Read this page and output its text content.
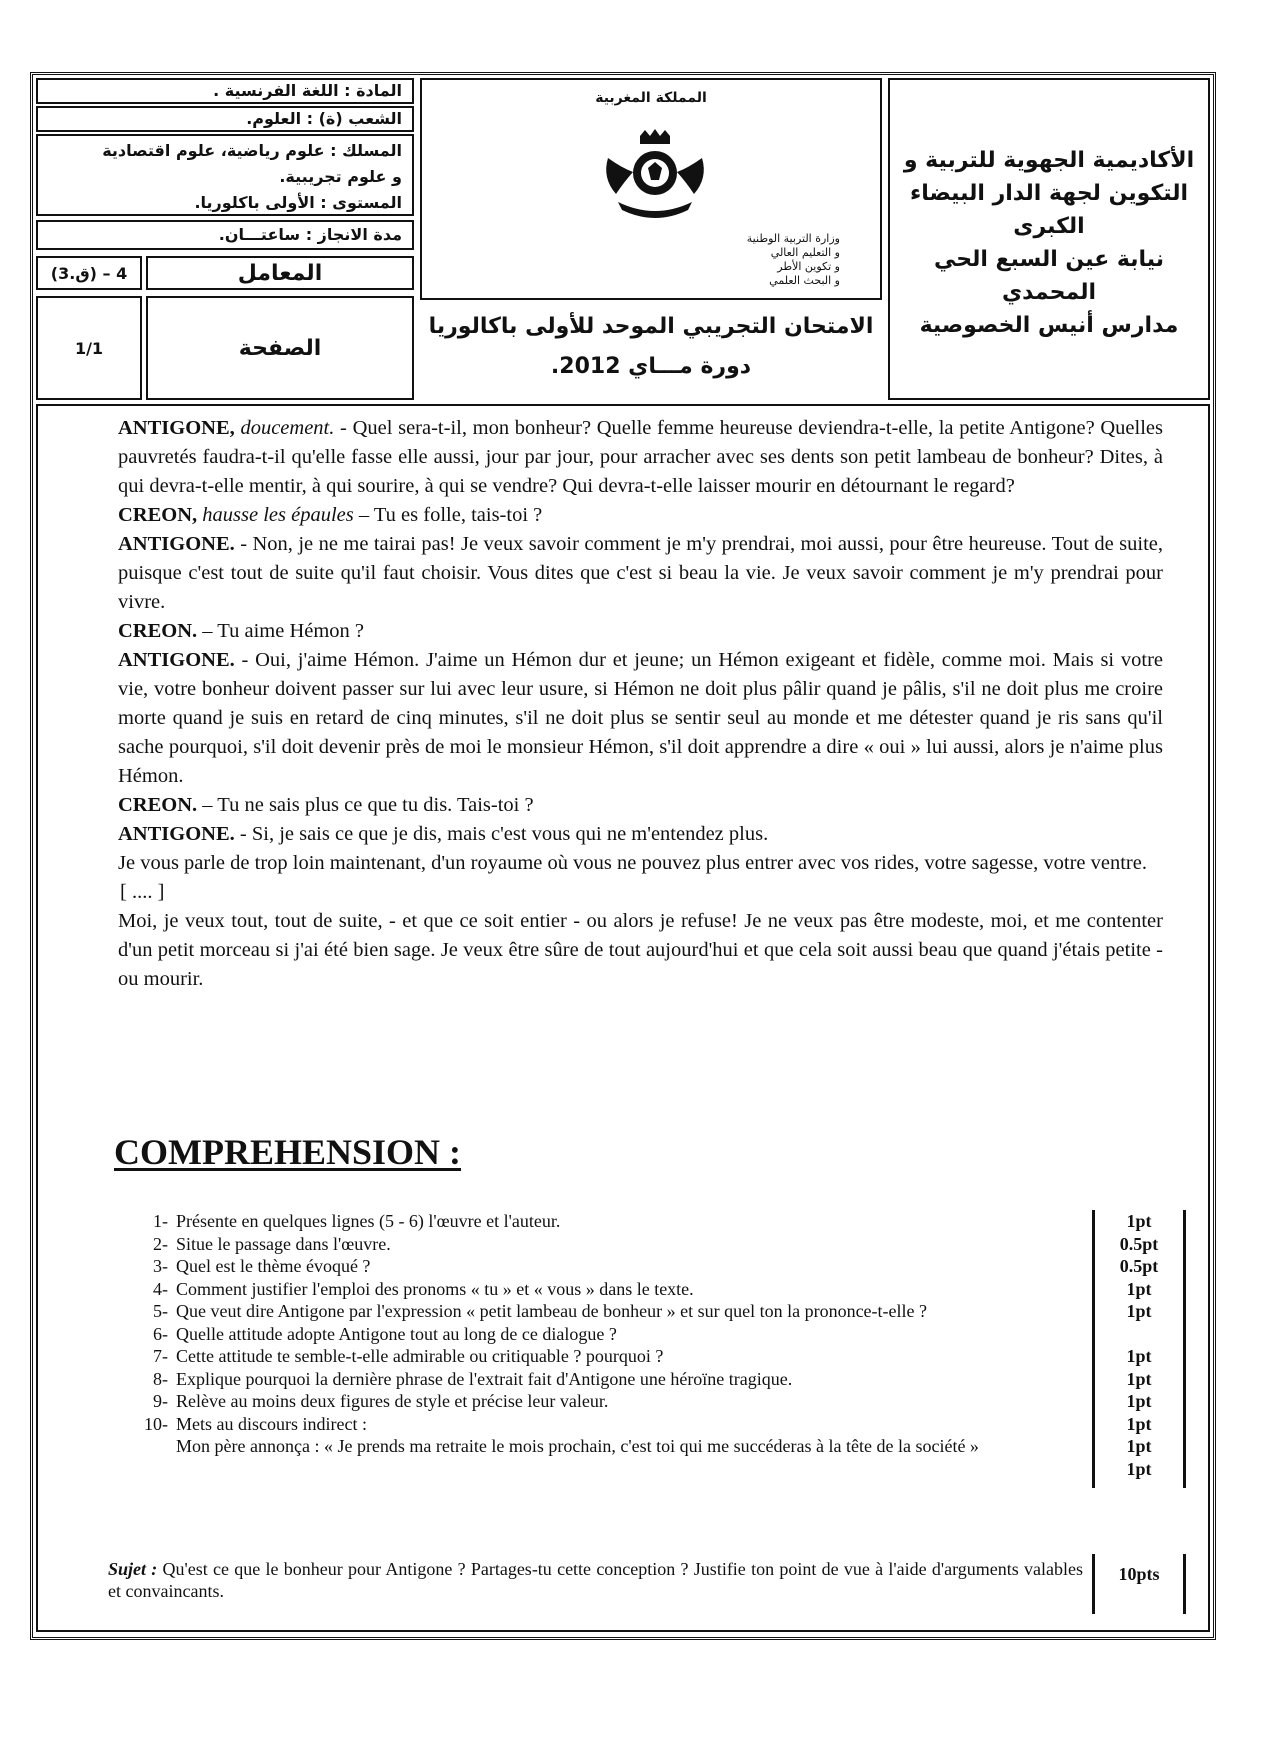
المادة : اللغة الفرنسية .
الشعب (ة) : العلوم.
المسلك : علوم رياضية، علوم اقتصادية
و علوم تجريبية.
المستوى : الأولى باكلوريا.
مدة الانجاز : ساعتـــان.
(3.ق) – 4	المعامل
1/1	الصفحة
المملكة المغربية
وزارة التربية الوطنية
و التعليم العالي
و تكوين الأطر
و البحث العلمي
الامتحان التجريبي الموحد للأولى باكالوريا
دورة مـــاي 2012.
الأكاديمية الجهوية للتربية و
التكوين لجهة الدار البيضاء الكبرى
نيابة عين السبع الحي المحمدي
مدارس أنيس الخصوصية

ANTIGONE, doucement. - Quel sera-t-il, mon bonheur? Quelle femme heureuse deviendra-t-elle, la petite Antigone? Quelles pauvretés faudra-t-il qu'elle fasse elle aussi, jour par jour, pour arracher avec ses dents son petit lambeau de bonheur? Dites, à qui devra-t-elle mentir, à qui sourire, à qui se vendre? Qui devra-t-elle laisser mourir en détournant le regard?

CREON, hausse les épaules – Tu es folle, tais-toi ?

ANTIGONE. - Non, je ne me tairai pas! Je veux savoir comment je m'y prendrai, moi aussi, pour être heureuse. Tout de suite, puisque c'est tout de suite qu'il faut choisir. Vous dites que c'est si beau la vie. Je veux savoir comment je m'y prendrai pour vivre.

CREON. – Tu aime Hémon ?

ANTIGONE. - Oui, j'aime Hémon. J'aime un Hémon dur et jeune; un Hémon exigeant et fidèle, comme moi. Mais si votre vie, votre bonheur doivent passer sur lui avec leur usure, si Hémon ne doit plus pâlir quand je pâlis, s'il ne doit plus me croire morte quand je suis en retard de cinq minutes, s'il ne doit plus se sentir seul au monde et me détester quand je ris sans qu'il sache pourquoi, s'il doit devenir près de moi le monsieur Hémon, s'il doit apprendre a dire « oui » lui aussi, alors je n'aime plus Hémon.

CREON. – Tu ne sais plus ce que tu dis. Tais-toi ?

ANTIGONE. - Si, je sais ce que je dis, mais c'est vous qui ne m'entendez plus.

Je vous parle de trop loin maintenant, d'un royaume où vous ne pouvez plus entrer avec vos rides, votre sagesse, votre ventre.

[ .... ]

Moi, je veux tout, tout de suite, - et que ce soit entier - ou alors je refuse! Je ne veux pas être modeste, moi, et me contenter d'un petit morceau si j'ai été bien sage. Je veux être sûre de tout aujourd'hui et que cela soit aussi beau que quand j'étais petite - ou mourir.

COMPREHENSION :
1- Présente en quelques lignes (5 - 6) l'œuvre et l'auteur.
2- Situe le passage dans l'œuvre.
3- Quel est le thème évoqué ?
4- Comment justifier l'emploi des pronoms « tu » et « vous » dans le texte.
5- Que veut dire Antigone par l'expression « petit lambeau de bonheur » et sur quel ton la prononce-t-elle ?
6- Quelle attitude adopte Antigone tout au long de ce dialogue ?
7- Cette attitude te semble-t-elle admirable ou critiquable ? pourquoi ?
8- Explique pourquoi la dernière phrase de l'extrait fait d'Antigone une héroïne tragique.
9- Relève au moins deux figures de style et précise leur valeur.
10- Mets au discours indirect :
Mon père annonça : « Je prends ma retraite le mois prochain, c'est toi qui me succéderas à la tête de la société »
1pt
0.5pt
0.5pt
1pt
1pt
1pt
1pt
1pt
1pt
1pt
1pt
Sujet : Qu'est ce que le bonheur pour Antigone ? Partages-tu cette conception ? Justifie ton point de vue à l'aide d'arguments valables et convaincants.
10pts
